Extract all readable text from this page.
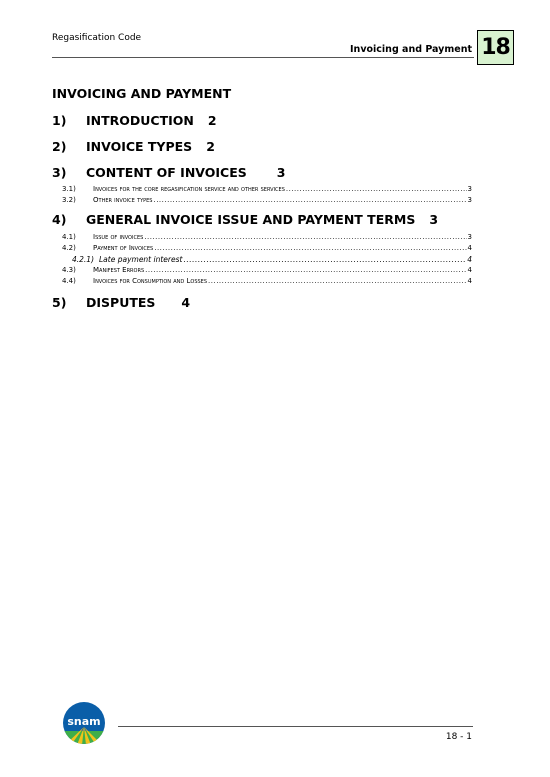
Regasification Code
Invoicing and Payment 18
INVOICING AND PAYMENT
1) INTRODUCTION 2
2) INVOICE TYPES 2
3) CONTENT OF INVOICES 3
3.1)	Invoices for the core regasification service and other services .....	3
3.2)	Other invoice types .....	3
4) GENERAL INVOICE ISSUE AND PAYMENT TERMS 3
4.1)	Issue of invoices .....	3
4.2)	Payment of Invoices .....	4
4.2.1) Late payment interest .....	4
4.3)	Manifest Errors .....	4
4.4)	Invoices for Consumption and Losses .....	4
5) DISPUTES 4
snam
18 - 1
